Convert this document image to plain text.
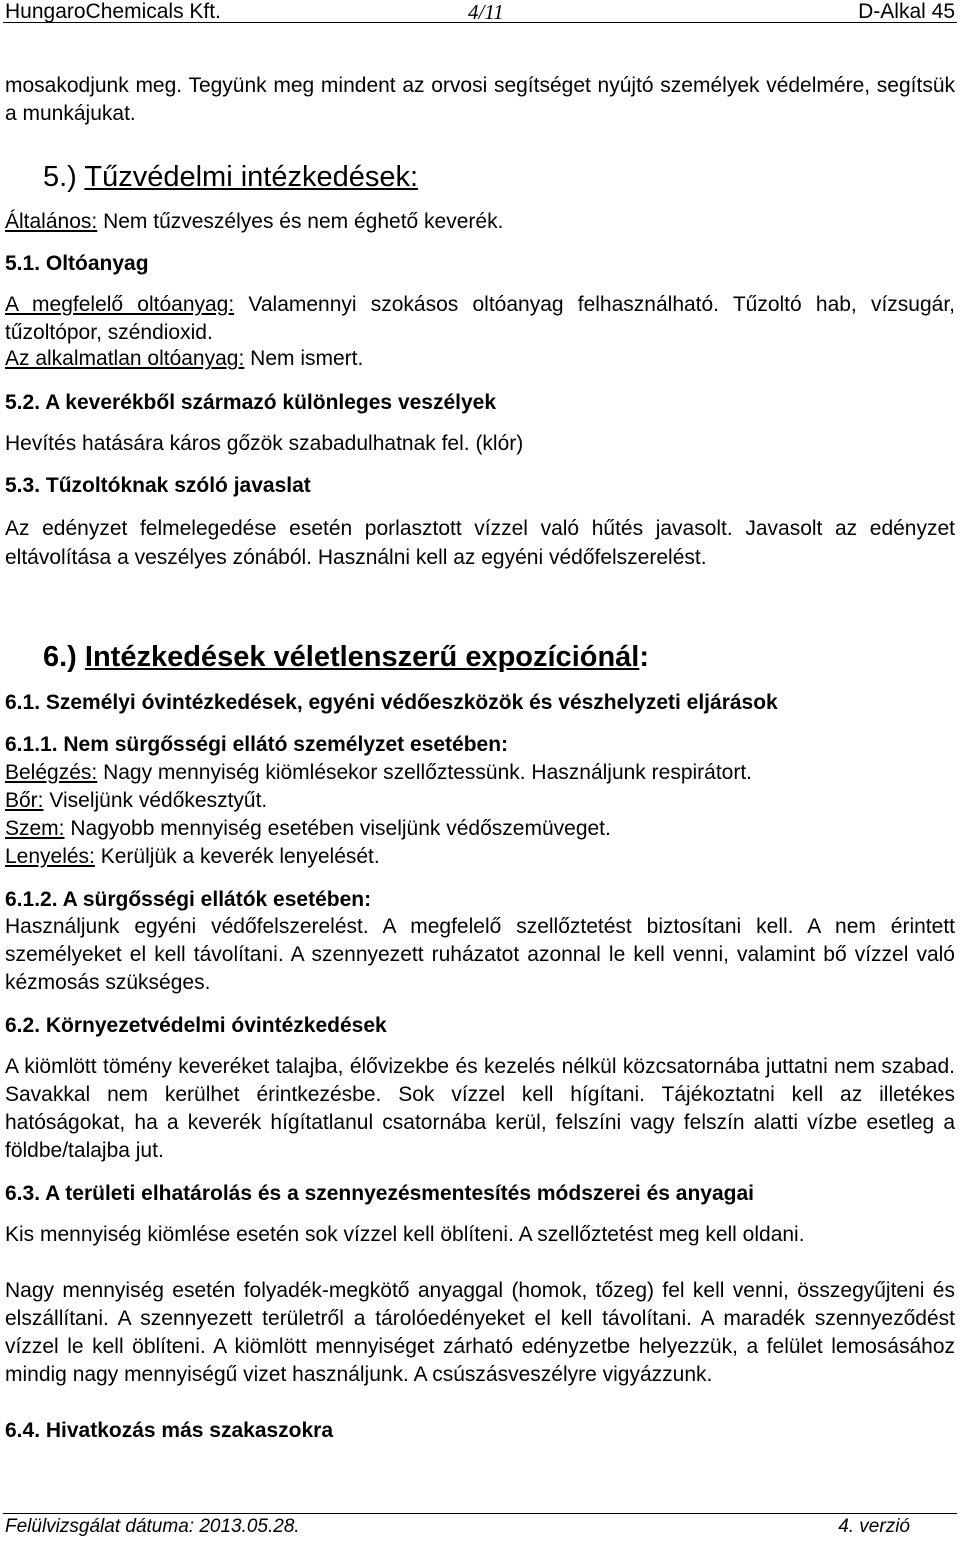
HungaroChemicals Kft.	4/11	D-Alkal 45

mosakodjunk meg. Tegyünk meg mindent az orvosi segítséget nyújtó személyek védelmére, segítsük a munkájukat.

5.) Tűzvédelmi intézkedések:

Általános: Nem tűzveszélyes és nem éghető keverék.

5.1. Oltóanyag

A megfelelő oltóanyag: Valamennyi szokásos oltóanyag felhasználható. Tűzoltó hab, vízsugár, tűzoltópor, széndioxid.

Az alkalmatlan oltóanyag: Nem ismert.

5.2. A keverékből származó különleges veszélyek

Hevítés hatására káros gőzök szabadulhatnak fel. (klór)

5.3. Tűzoltóknak szóló javaslat

Az edényzet felmelegedése esetén porlasztott vízzel való hűtés javasolt. Javasolt az edényzet eltávolítása a veszélyes zónából. Használni kell az egyéni védőfelszerelést.

6.) Intézkedések véletlenszerű expozíciónál:
6.1. Személyi óvintézkedések, egyéni védőeszközök és vészhelyzeti eljárások
6.1.1. Nem sürgősségi ellátó személyzet esetében:

Belégzés: Nagy mennyiség kiömlésekor szellőztessünk. Használjunk respirátort.

Bőr: Viseljünk védőkesztyűt.

Szem: Nagyobb mennyiség esetében viseljünk védőszemüveget.

Lenyelés: Kerüljük a keverék lenyelését.

6.1.2. A sürgősségi ellátók esetében:

Használjunk egyéni védőfelszerelést. A megfelelő szellőztetést biztosítani kell. A nem érintett személyeket el kell távolítani. A szennyezett ruházatot azonnal le kell venni, valamint bő vízzel való kézmosás szükséges.

6.2. Környezetvédelmi óvintézkedések

A kiömlött tömény keveréket talajba, élővizekbe és kezelés nélkül közcsatornába juttatni nem szabad. Savakkal nem kerülhet érintkezésbe. Sok vízzel kell hígítani. Tájékoztatni kell az illetékes hatóságokat, ha a keverék hígítatlanul csatornába kerül, felszíni vagy felszín alatti vízbe esetleg a földbe/talajba jut.

6.3. A területi elhatárolás és a szennyezésmentesítés módszerei és anyagai

Kis mennyiség kiömlése esetén sok vízzel kell öblíteni. A szellőztetést meg kell oldani.

Nagy mennyiség esetén folyadék-megkötő anyaggal (homok, tőzeg) fel kell venni, összegyűjteni és elszállítani. A szennyezett területről a tárolóedényeket el kell távolítani. A maradék szennyeződést vízzel le kell öblíteni. A kiömlött mennyiséget zárható edényzetbe helyezzük, a felület lemosásához mindig nagy mennyiségű vizet használjunk. A csúszásveszélyre vigyázzunk.

6.4. Hivatkozás más szakaszokra
Felülvizsgálat dátuma: 2013.05.28.	4. verzió
